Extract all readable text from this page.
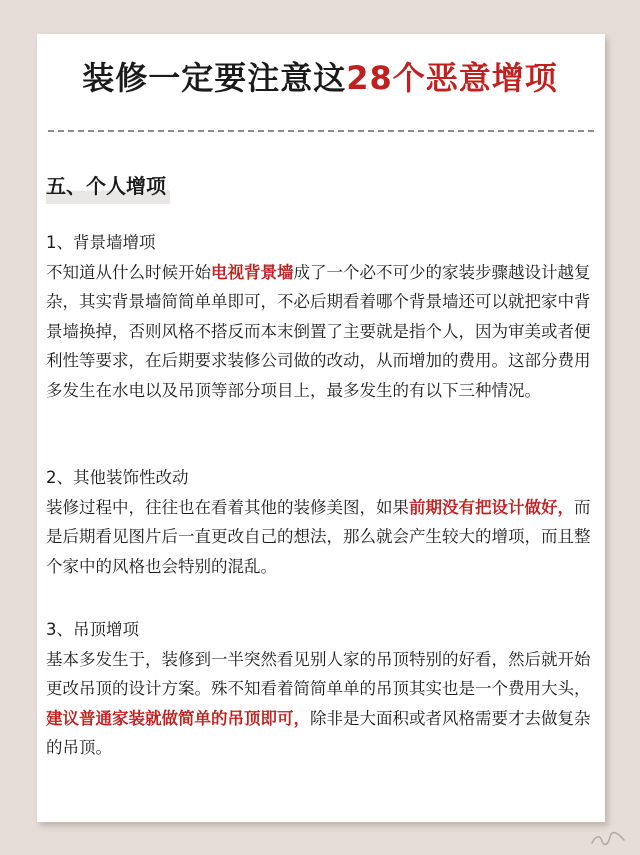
装修一定要注意这28个恶意增项
五、个人增项

1、背景墙增项

不知道从什么时候开始电视背景墙成了一个必不可少的家装步骤越设计越复杂，其实背景墙简简单单即可，不必后期看着哪个背景墙还可以就把家中背景墙换掉，否则风格不搭反而本末倒置了主要就是指个人，因为审美或者便利性等要求，在后期要求装修公司做的改动，从而增加的费用。这部分费用多发生在水电以及吊顶等部分项目上，最多发生的有以下三种情况。

2、其他装饰性改动

装修过程中，往往也在看着其他的装修美图，如果前期没有把设计做好，而是后期看见图片后一直更改自己的想法，那么就会产生较大的增项，而且整个家中的风格也会特别的混乱。

3、吊顶增项

基本多发生于，装修到一半突然看见别人家的吊顶特别的好看，然后就开始更改吊顶的设计方案。殊不知看着简简单单的吊顶其实也是一个费用大头，建议普通家装就做简单的吊顶即可，除非是大面积或者风格需要才去做复杂的吊顶。
